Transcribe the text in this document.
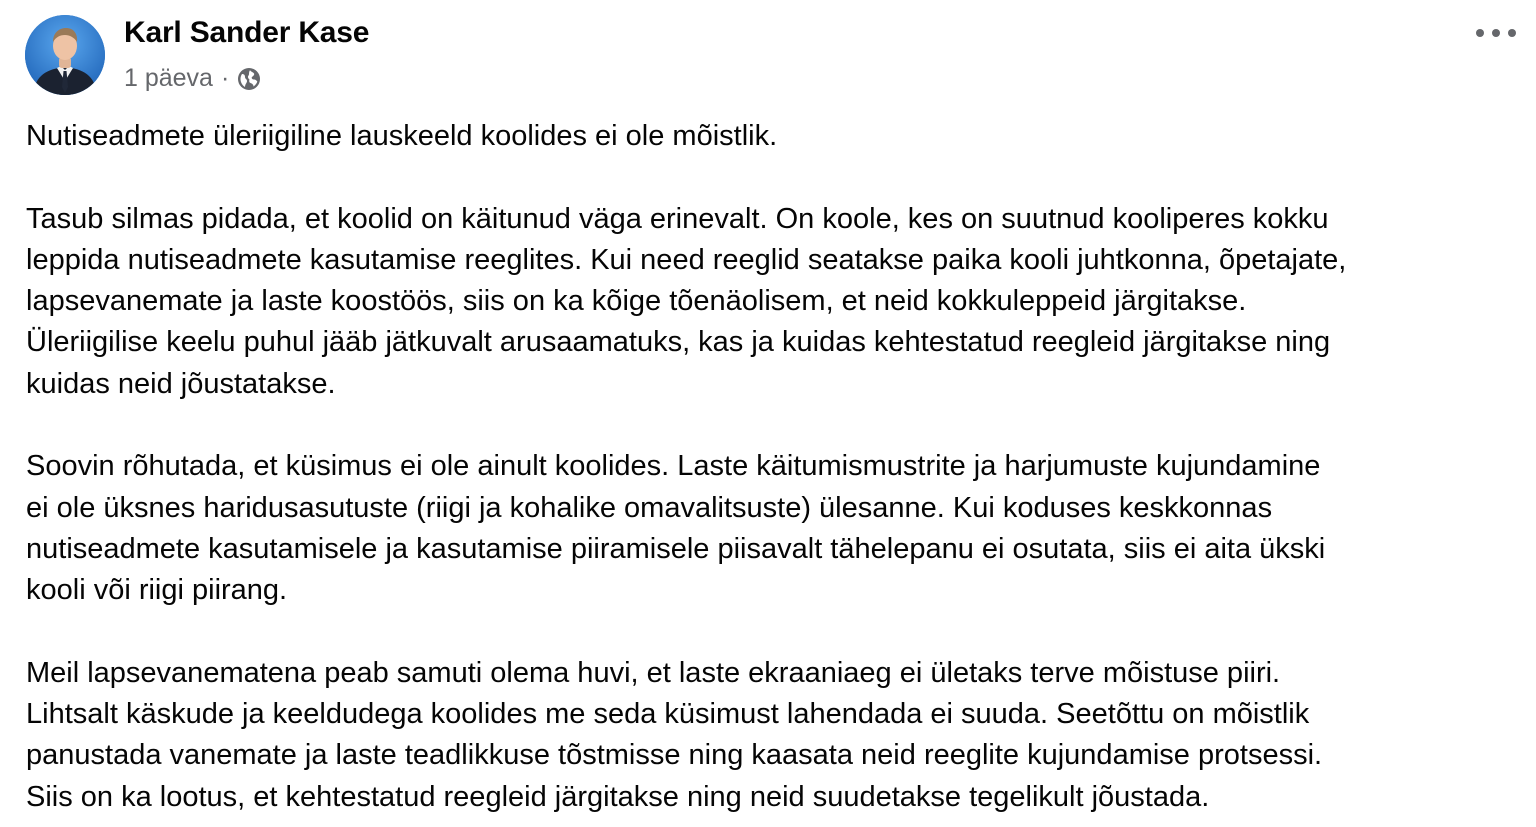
Karl Sander Kase
1 päeva ·

Nutiseadmete üleriigiline lauskeeld koolides ei ole mõistlik.

Tasub silmas pidada, et koolid on käitunud väga erinevalt. On koole, kes on suutnud kooliperes kokku
leppida nutiseadmete kasutamise reeglites. Kui need reeglid seatakse paika kooli juhtkonna, õpetajate,
lapsevanemate ja laste koostöös, siis on ka kõige tõenäolisem, et neid kokkuleppeid järgitakse.
Üleriigilise keelu puhul jääb jätkuvalt arusaamatuks, kas ja kuidas kehtestatud reegleid järgitakse ning
kuidas neid jõustatakse.

Soovin rõhutada, et küsimus ei ole ainult koolides. Laste käitumismustrite ja harjumuste kujundamine
ei ole üksnes haridusasutuste (riigi ja kohalike omavalitsuste) ülesanne. Kui koduses keskkonnas
nutiseadmete kasutamisele ja kasutamise piiramisele piisavalt tähelepanu ei osutata, siis ei aita ükski
kooli või riigi piirang.

Meil lapsevanematena peab samuti olema huvi, et laste ekraaniaeg ei ületaks terve mõistuse piiri.
Lihtsalt käskude ja keeldudega koolides me seda küsimust lahendada ei suuda. Seetõttu on mõistlik
panustada vanemate ja laste teadlikkuse tõstmisse ning kaasata neid reeglite kujundamise protsessi.
Siis on ka lootus, et kehtestatud reegleid järgitakse ning neid suudetakse tegelikult jõustada.
